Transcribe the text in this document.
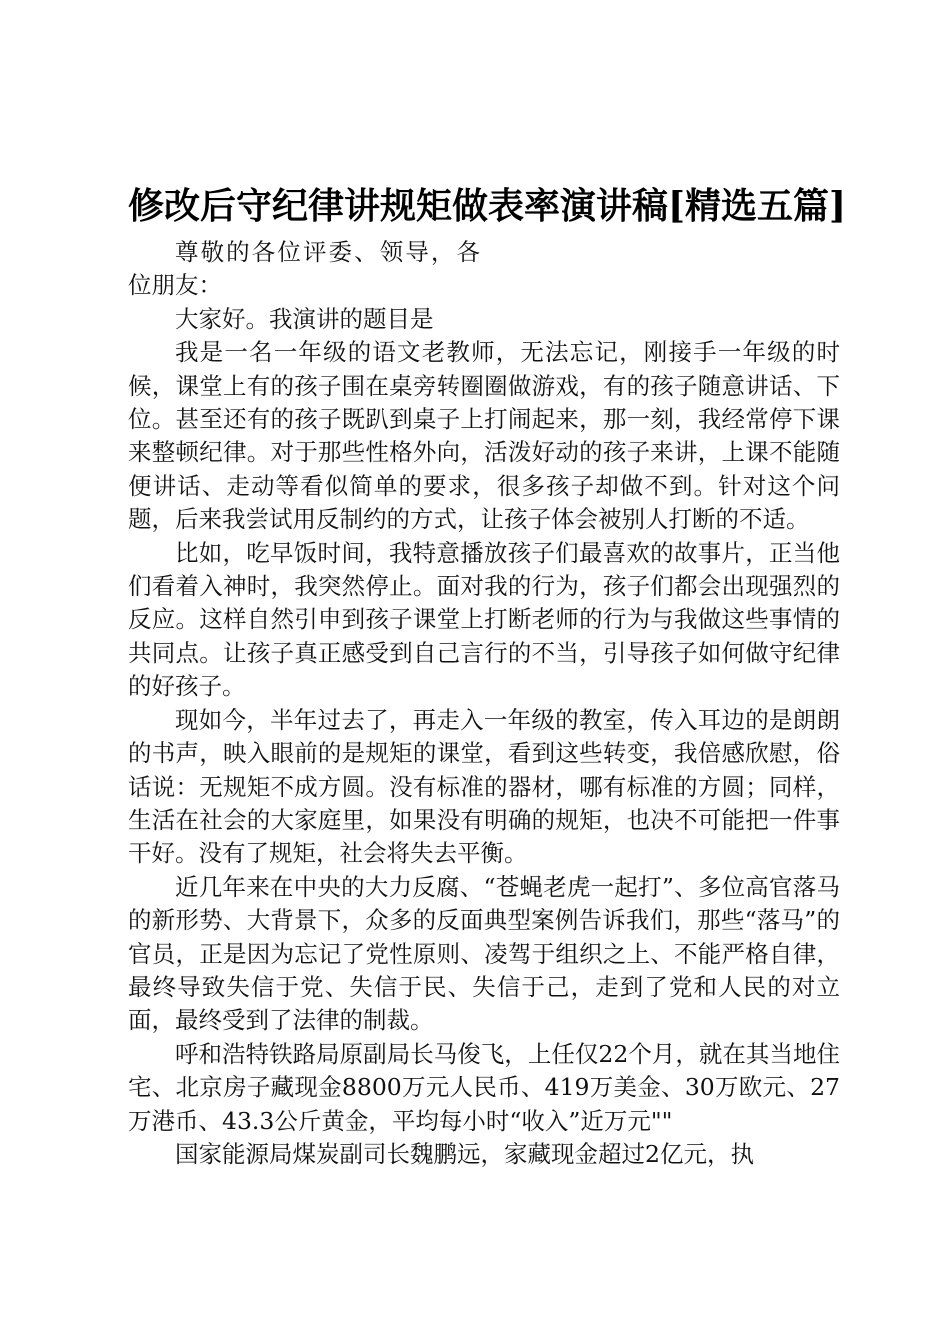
修改后守纪律讲规矩做表率演讲稿[精选五篇]

尊敬的各位评委、领导，各位朋友：

大家好。我演讲的题目是

我是一名一年级的语文老教师，无法忘记，刚接手一年级的时候，课堂上有的孩子围在桌旁转圈圈做游戏，有的孩子随意讲话、下位。甚至还有的孩子既趴到桌子上打闹起来，那一刻，我经常停下课来整顿纪律。对于那些性格外向，活泼好动的孩子来讲，上课不能随便讲话、走动等看似简单的要求，很多孩子却做不到。针对这个问题，后来我尝试用反制约的方式，让孩子体会被别人打断的不适。

比如，吃早饭时间，我特意播放孩子们最喜欢的故事片，正当他们看着入神时，我突然停止。面对我的行为，孩子们都会出现强烈的反应。这样自然引申到孩子课堂上打断老师的行为与我做这些事情的共同点。让孩子真正感受到自己言行的不当，引导孩子如何做守纪律的好孩子。

现如今，半年过去了，再走入一年级的教室，传入耳边的是朗朗的书声，映入眼前的是规矩的课堂，看到这些转变，我倍感欣慰，俗话说：无规矩不成方圆。没有标准的器材，哪有标准的方圆；同样，生活在社会的大家庭里，如果没有明确的规矩，也决不可能把一件事干好。没有了规矩，社会将失去平衡。

近几年来在中央的大力反腐、“苍蝇老虎一起打”、多位高官落马的新形势、大背景下，众多的反面典型案例告诉我们，那些“落马”的官员，正是因为忘记了党性原则、凌驾于组织之上、不能严格自律，最终导致失信于党、失信于民、失信于己，走到了党和人民的对立面，最终受到了法律的制裁。

呼和浩特铁路局原副局长马俊飞，上任仅22个月，就在其当地住宅、北京房子藏现金8800万元人民币、419万美金、30万欧元、27万港币、43.3公斤黄金，平均每小时“收入”近万元""

国家能源局煤炭副司长魏鹏远，家藏现金超过2亿元，执
